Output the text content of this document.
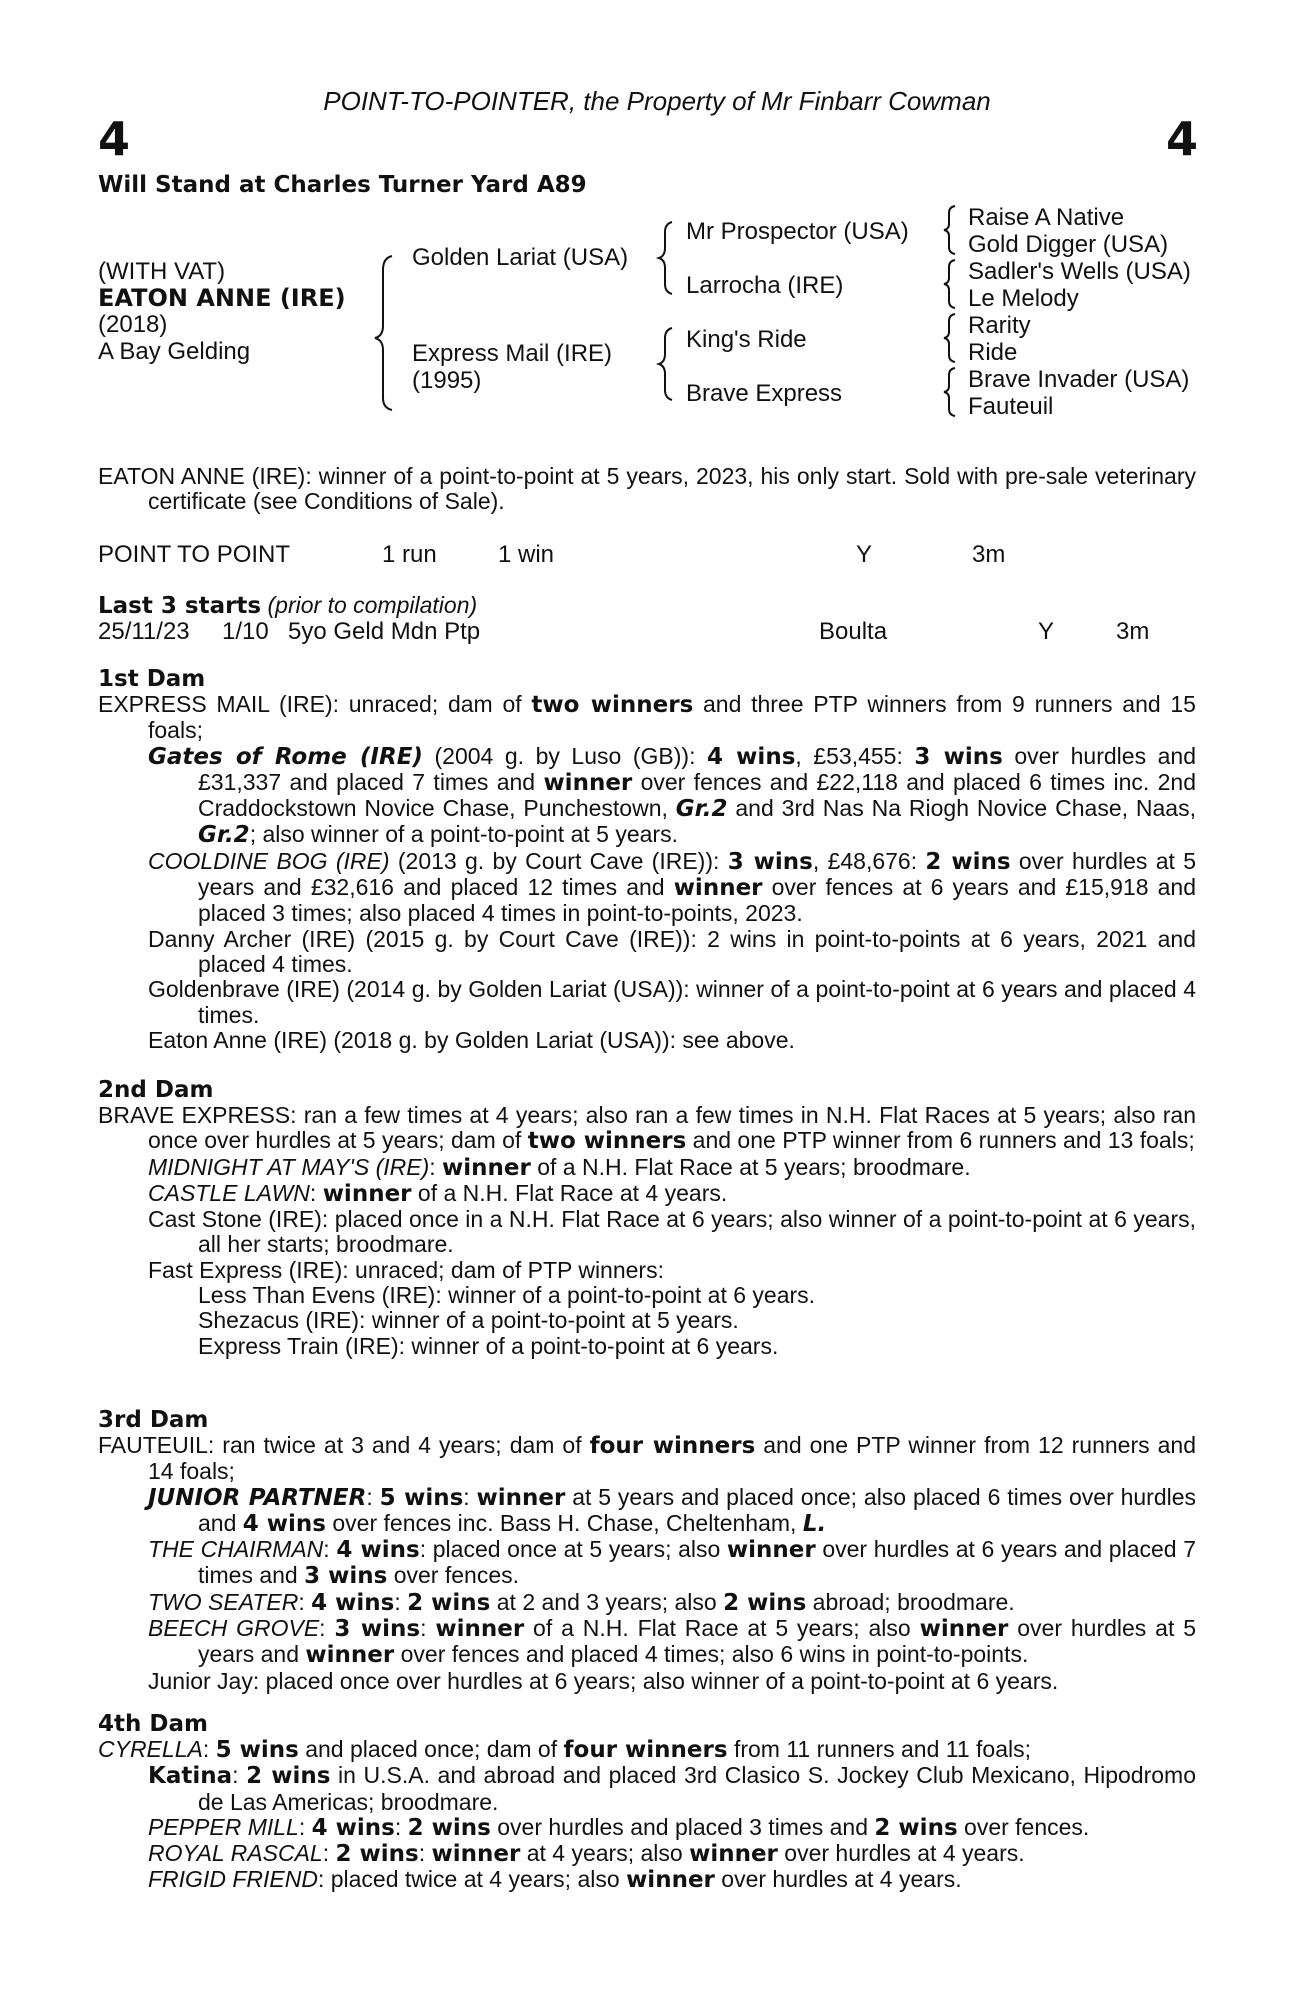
POINT-TO-POINTER, the Property of Mr Finbarr Cowman
4	4
Will Stand at Charles Turner Yard A89
(WITH VAT)
EATON ANNE (IRE)
(2018)
A Bay Gelding
Golden Lariat (USA)
Express Mail (IRE)
(1995)
Mr Prospector (USA)
Larrocha (IRE)
King's Ride
Brave Express
Raise A Native
Gold Digger (USA)
Sadler's Wells (USA)
Le Melody
Rarity
Ride
Brave Invader (USA)
Fauteuil

EATON ANNE (IRE): winner of a point-to-point at 5 years, 2023, his only start. Sold with pre-sale veterinary certificate (see Conditions of Sale).

POINT TO POINT	1 run	1 win	Y	3m
Last 3 starts (prior to compilation)
25/11/23 1/10 5yo Geld Mdn Ptp	Boulta	Y	3m
1st Dam

EXPRESS MAIL (IRE): unraced; dam of two winners and three PTP winners from 9 runners and 15 foals;

Gates of Rome (IRE) (2004 g. by Luso (GB)): 4 wins, £53,455: 3 wins over hurdles and £31,337 and placed 7 times and winner over fences and £22,118 and placed 6 times inc. 2nd Craddockstown Novice Chase, Punchestown, Gr.2 and 3rd Nas Na Riogh Novice Chase, Naas, Gr.2; also winner of a point-to-point at 5 years.

COOLDINE BOG (IRE) (2013 g. by Court Cave (IRE)): 3 wins, £48,676: 2 wins over hurdles at 5 years and £32,616 and placed 12 times and winner over fences at 6 years and £15,918 and placed 3 times; also placed 4 times in point-to-points, 2023.

Danny Archer (IRE) (2015 g. by Court Cave (IRE)): 2 wins in point-to-points at 6 years, 2021 and placed 4 times.

Goldenbrave (IRE) (2014 g. by Golden Lariat (USA)): winner of a point-to-point at 6 years and placed 4 times.

Eaton Anne (IRE) (2018 g. by Golden Lariat (USA)): see above.

2nd Dam

BRAVE EXPRESS: ran a few times at 4 years; also ran a few times in N.H. Flat Races at 5 years; also ran once over hurdles at 5 years; dam of two winners and one PTP winner from 6 runners and 13 foals;

MIDNIGHT AT MAY'S (IRE): winner of a N.H. Flat Race at 5 years; broodmare.

CASTLE LAWN: winner of a N.H. Flat Race at 4 years.

Cast Stone (IRE): placed once in a N.H. Flat Race at 6 years; also winner of a point-to-point at 6 years, all her starts; broodmare.

Fast Express (IRE): unraced; dam of PTP winners:

Less Than Evens (IRE): winner of a point-to-point at 6 years.

Shezacus (IRE): winner of a point-to-point at 5 years.

Express Train (IRE): winner of a point-to-point at 6 years.

3rd Dam

FAUTEUIL: ran twice at 3 and 4 years; dam of four winners and one PTP winner from 12 runners and 14 foals;

JUNIOR PARTNER: 5 wins: winner at 5 years and placed once; also placed 6 times over hurdles and 4 wins over fences inc. Bass H. Chase, Cheltenham, L.

THE CHAIRMAN: 4 wins: placed once at 5 years; also winner over hurdles at 6 years and placed 7 times and 3 wins over fences.

TWO SEATER: 4 wins: 2 wins at 2 and 3 years; also 2 wins abroad; broodmare.

BEECH GROVE: 3 wins: winner of a N.H. Flat Race at 5 years; also winner over hurdles at 5 years and winner over fences and placed 4 times; also 6 wins in point-to-points.

Junior Jay: placed once over hurdles at 6 years; also winner of a point-to-point at 6 years.

4th Dam

CYRELLA: 5 wins and placed once; dam of four winners from 11 runners and 11 foals;

Katina: 2 wins in U.S.A. and abroad and placed 3rd Clasico S. Jockey Club Mexicano, Hipodromo de Las Americas; broodmare.

PEPPER MILL: 4 wins: 2 wins over hurdles and placed 3 times and 2 wins over fences.

ROYAL RASCAL: 2 wins: winner at 4 years; also winner over hurdles at 4 years.

FRIGID FRIEND: placed twice at 4 years; also winner over hurdles at 4 years.
